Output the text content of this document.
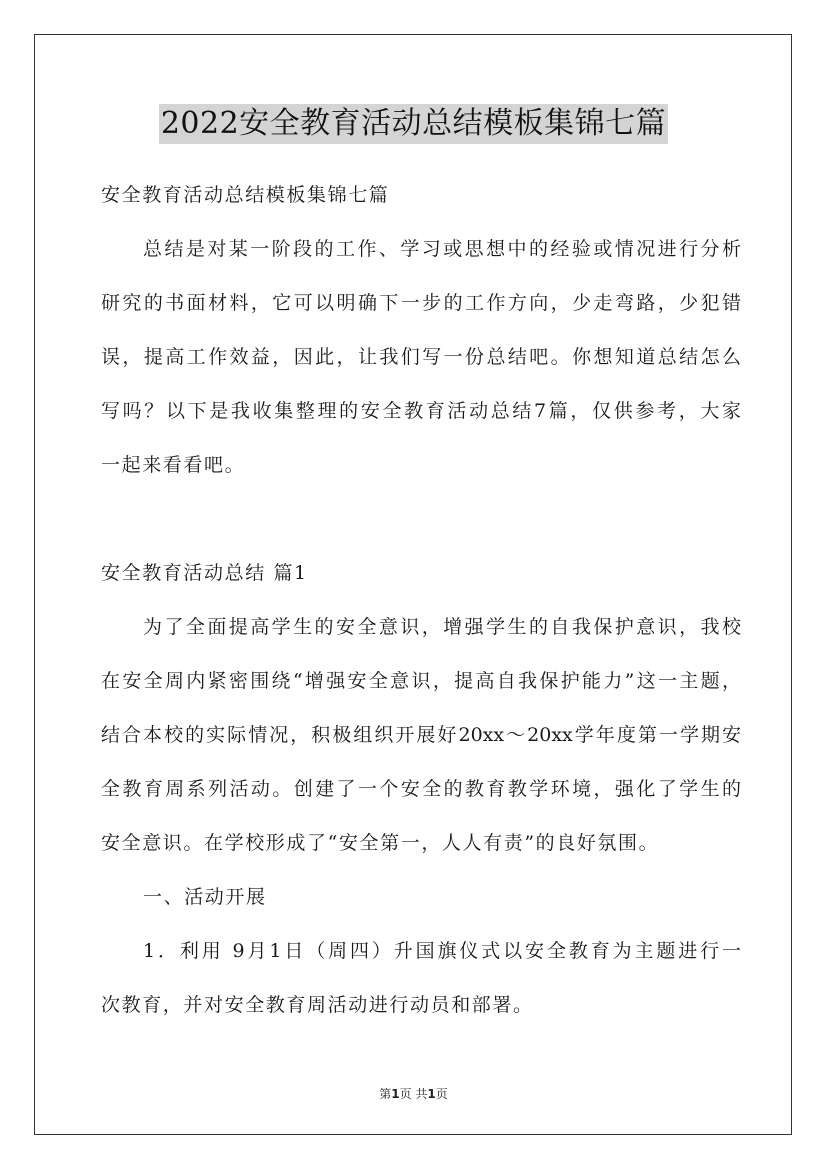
2022安全教育活动总结模板集锦七篇

安全教育活动总结模板集锦七篇

总结是对某一阶段的工作、学习或思想中的经验或情况进行分析

研究的书面材料，它可以明确下一步的工作方向，少走弯路，少犯错

误，提高工作效益，因此，让我们写一份总结吧。你想知道总结怎么

写吗？以下是我收集整理的安全教育活动总结7篇，仅供参考，大家

一起来看看吧。

安全教育活动总结 篇1

为了全面提高学生的安全意识，增强学生的自我保护意识，我校

在安全周内紧密围绕“增强安全意识，提高自我保护能力”这一主题，

结合本校的实际情况，积极组织开展好20xx～20xx学年度第一学期安

全教育周系列活动。创建了一个安全的教育教学环境，强化了学生的

安全意识。在学校形成了“安全第一，人人有责”的良好氛围。

一、活动开展

1．利用 9月1日（周四）升国旗仪式以安全教育为主题进行一

次教育，并对安全教育周活动进行动员和部署。

第1页 共1页
